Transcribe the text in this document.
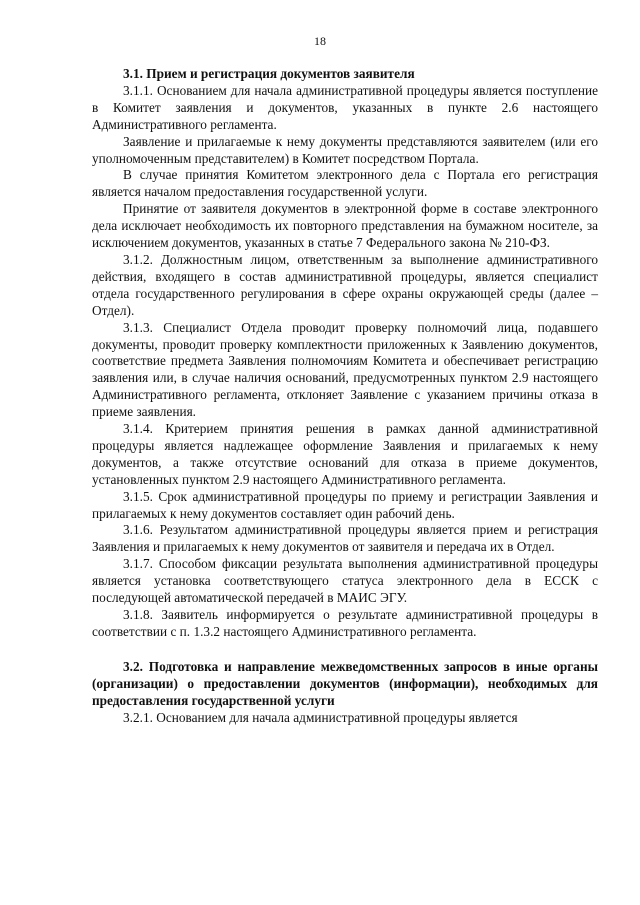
18
3.1. Прием и регистрация документов заявителя

3.1.1. Основанием для начала административной процедуры является поступление в Комитет заявления и документов, указанных в пункте 2.6 настоящего Административного регламента.

Заявление и прилагаемые к нему документы представляются заявителем (или его уполномоченным представителем) в Комитет посредством Портала.

В случае принятия Комитетом электронного дела с Портала его регистрация является началом предоставления государственной услуги.

Принятие от заявителя документов в электронной форме в составе электронного дела исключает необходимость их повторного представления на бумажном носителе, за исключением документов, указанных в статье 7 Федерального закона № 210-ФЗ.

3.1.2. Должностным лицом, ответственным за выполнение административного действия, входящего в состав административной процедуры, является специалист отдела государственного регулирования в сфере охраны окружающей среды (далее – Отдел).

3.1.3. Специалист Отдела проводит проверку полномочий лица, подавшего документы, проводит проверку комплектности приложенных к Заявлению документов, соответствие предмета Заявления полномочиям Комитета и обеспечивает регистрацию заявления или, в случае наличия оснований, предусмотренных пунктом 2.9 настоящего Административного регламента, отклоняет Заявление с указанием причины отказа в приеме заявления.

3.1.4. Критерием принятия решения в рамках данной административной процедуры является надлежащее оформление Заявления и прилагаемых к нему документов, а также отсутствие оснований для отказа в приеме документов, установленных пунктом 2.9 настоящего Административного регламента.

3.1.5. Срок административной процедуры по приему и регистрации Заявления и прилагаемых к нему документов составляет один рабочий день.

3.1.6. Результатом административной процедуры является прием и регистрация Заявления и прилагаемых к нему документов от заявителя и передача их в Отдел.

3.1.7. Способом фиксации результата выполнения административной процедуры является установка соответствующего статуса электронного дела в ЕССК с последующей автоматической передачей в МАИС ЭГУ.

3.1.8. Заявитель информируется о результате административной процедуры в соответствии с п. 1.3.2 настоящего Административного регламента.

3.2. Подготовка и направление межведомственных запросов в иные органы (организации) о предоставлении документов (информации), необходимых для предоставления государственной услуги

3.2.1. Основанием для начала административной процедуры является
